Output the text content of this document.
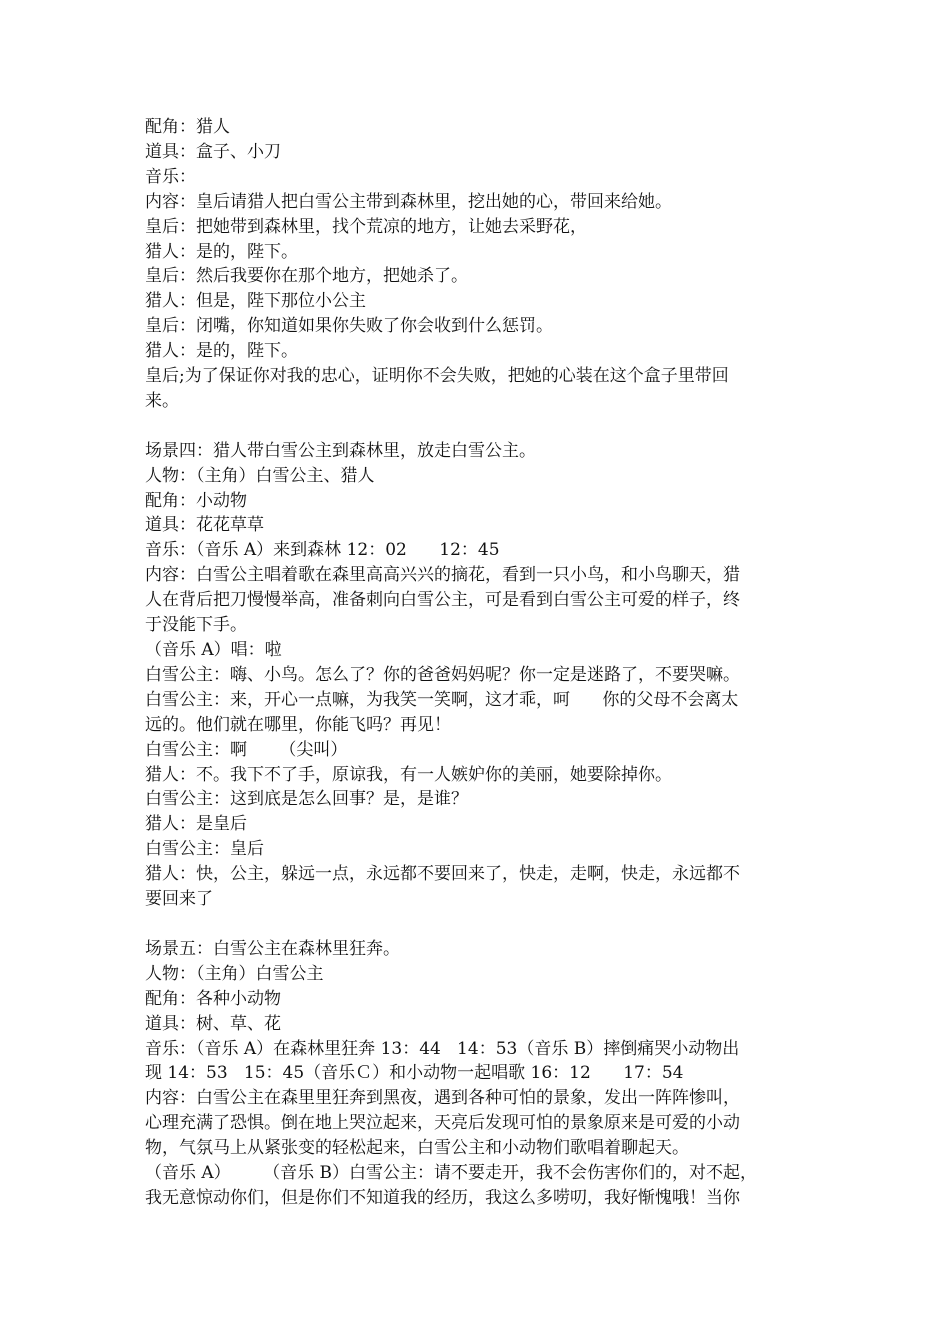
配角：猎人
道具：盒子、小刀
音乐：
内容：皇后请猎人把白雪公主带到森林里，挖出她的心，带回来给她。
皇后：把她带到森林里，找个荒凉的地方，让她去采野花，
猎人：是的，陛下。
皇后：然后我要你在那个地方，把她杀了。
猎人：但是，陛下那位小公主
皇后：闭嘴，你知道如果你失败了你会收到什么惩罚。
猎人：是的，陛下。
皇后;为了保证你对我的忠心，证明你不会失败，把她的心装在这个盒子里带回
来。
场景四：猎人带白雪公主到森林里，放走白雪公主。
人物：（主角）白雪公主、猎人
配角：小动物
道具：花花草草
音乐：（音乐 A）来到森林 12：02      12：45
内容：白雪公主唱着歌在森里高高兴兴的摘花，看到一只小鸟，和小鸟聊天，猎
人在背后把刀慢慢举高，准备刺向白雪公主，可是看到白雪公主可爱的样子，终
于没能下手。
（音乐 A）唱：啦
白雪公主：嗨、小鸟。怎么了？你的爸爸妈妈呢？你一定是迷路了，不要哭嘛。
白雪公主：来，开心一点嘛，为我笑一笑啊，这才乖，呵      你的父母不会离太
远的。他们就在哪里，你能飞吗？再见！
白雪公主：啊      （尖叫）
猎人：不。我下不了手，原谅我，有一人嫉妒你的美丽，她要除掉你。
白雪公主：这到底是怎么回事？是，是谁？
猎人：是皇后
白雪公主：皇后
猎人：快，公主，躲远一点，永远都不要回来了，快走，走啊，快走，永远都不
要回来了
场景五：白雪公主在森林里狂奔。
人物：（主角）白雪公主
配角：各种小动物
道具：树、草、花
音乐：（音乐 A）在森林里狂奔 13：44   14：53（音乐 B）摔倒痛哭小动物出
现 14：53   15：45（音乐Ｃ）和小动物一起唱歌 16：12      17：54
内容：白雪公主在森里里狂奔到黑夜，遇到各种可怕的景象，发出一阵阵惨叫，
心理充满了恐惧。倒在地上哭泣起来，天亮后发现可怕的景象原来是可爱的小动
物，气氛马上从紧张变的轻松起来，白雪公主和小动物们歌唱着聊起天。
（音乐 A）      （音乐 B）白雪公主：请不要走开，我不会伤害你们的，对不起，
我无意惊动你们，但是你们不知道我的经历，我这么多唠叨，我好惭愧哦！当你
